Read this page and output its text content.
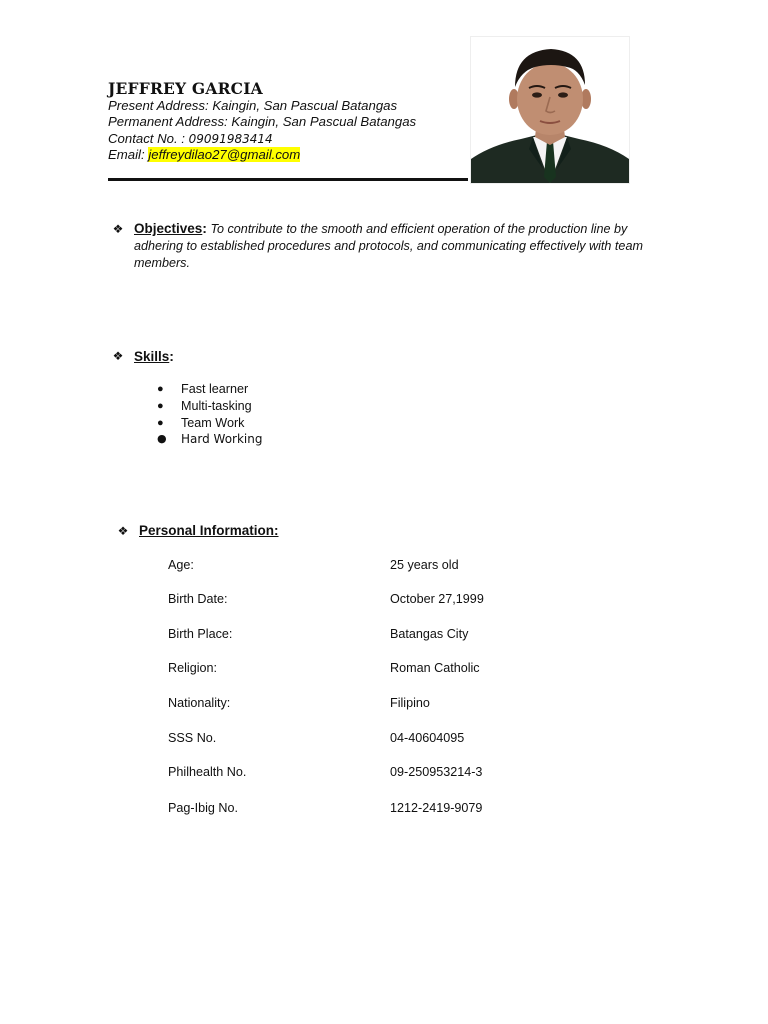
JEFFREY GARCIA
Present Address: Kaingin, San Pascual Batangas
Permanent Address: Kaingin, San Pascual Batangas
Contact No. : 09091983414
Email: jeffreydilao27@gmail.com
❖ Objectives: To contribute to the smooth and efficient operation of the production line by adhering to established procedures and protocols, and communicating effectively with team members.
❖ Skills:
● Fast learner
● Multi-tasking
● Team Work
● Hard Working
❖ Personal Information:
Age:	25 years old
Birth Date:	October 27,1999
Birth Place:	Batangas City
Religion:	Roman Catholic
Nationality:	Filipino
SSS No.	04-40604095
Philhealth No.	09-250953214-3
Pag-Ibig No.	1212-2419-9079
